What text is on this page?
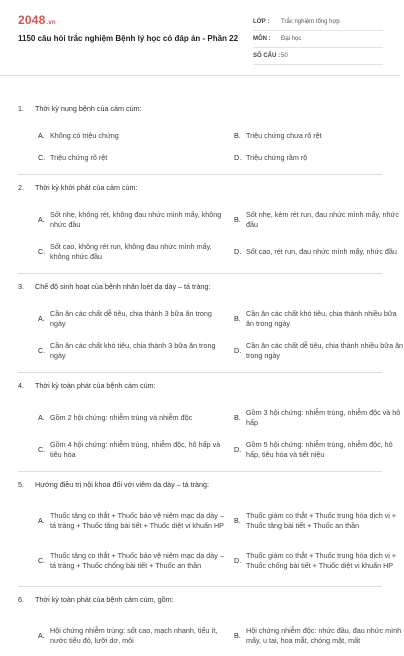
2048.vn
1150 câu hỏi trắc nghiệm Bệnh lý học có đáp án - Phần 22
LỚP :	Trắc nghiệm tổng hợp
MÔN :	Đại học
SỐ CÂU : 50
1.	Thời kỳ nung bệnh của cảm cúm:
A. Không có triệu chứng	B. Triệu chứng chưa rõ rệt
C. Triệu chứng rõ rệt	D. Triệu chứng rầm rộ
2.	Thời kỳ khởi phát của cảm cúm:
A.
Sốt nhẹ, không rét, không đau nhức mình mẩy, không nhức đầu
B.
Sốt nhẹ, kèm rét run, đau nhức mình mẩy, nhức đầu
C.
Sốt cao, không rét run, không đau nhức mình mẩy, không nhức đầu
D. Sốt cao, rét run, đau nhức mình mẩy, nhức đầu
3.	Chế độ sinh hoạt của bệnh nhân loét dạ dày – tá tràng:
A.
Cần ăn các chất dễ tiêu, chia thành 3 bữa ăn trong ngày
B.
Cần ăn các chất khó tiêu, chia thành nhiều bữa ăn trong ngày
C.
Cần ăn các chất khó tiêu, chia thành 3 bữa ăn trong ngày
D.
Cần ăn các chất dễ tiêu, chia thành nhiều bữa ăn trong ngày
4.	Thời kỳ toàn phát của bệnh cảm cúm:
A. Gồm 2 hội chứng: nhiễm trùng và nhiễm độc	B.
Gồm 3 hội chứng: nhiễm trùng, nhiễm độc và hô hấp
C.
Gồm 4 hội chứng: nhiễm trùng, nhiễm độc, hô hấp và tiêu hóa
D.
Gồm 5 hội chứng: nhiễm trùng, nhiễm độc, hô hấp, tiêu hóa và tiết niệu
5.	Hướng điều trị nội khoa đối với viêm dạ dày – tá tràng:
A.
Thuốc tăng co thắt + Thuốc bảo vệ niêm mạc dạ dày – tá tràng + Thuốc tăng bài tiết + Thuốc diệt vi khuẩn HP
B.
Thuốc giảm co thắt + Thuốc trung hòa dịch vị + Thuốc tăng bài tiết + Thuốc an thần
C.
Thuốc tăng co thắt + Thuốc bảo vệ niêm mạc dạ dày – tá tràng + Thuốc chống bài tiết + Thuốc an thần
D.
Thuốc giảm co thắt + Thuốc trung hòa dịch vị + Thuốc chống bài tiết + Thuốc diệt vi khuẩn HP
6.	Thời kỳ toàn phát của bệnh cảm cúm, gồm:
A.
Hội chứng nhiễm trùng: sốt cao, mạch nhanh, tiểu ít, nước tiểu đỏ, lưỡi dơ, môi
B.
Hội chứng nhiễm độc: nhức đầu, đau nhức mình mẩy, u tai, hoa mắt, chóng mặt, mất
